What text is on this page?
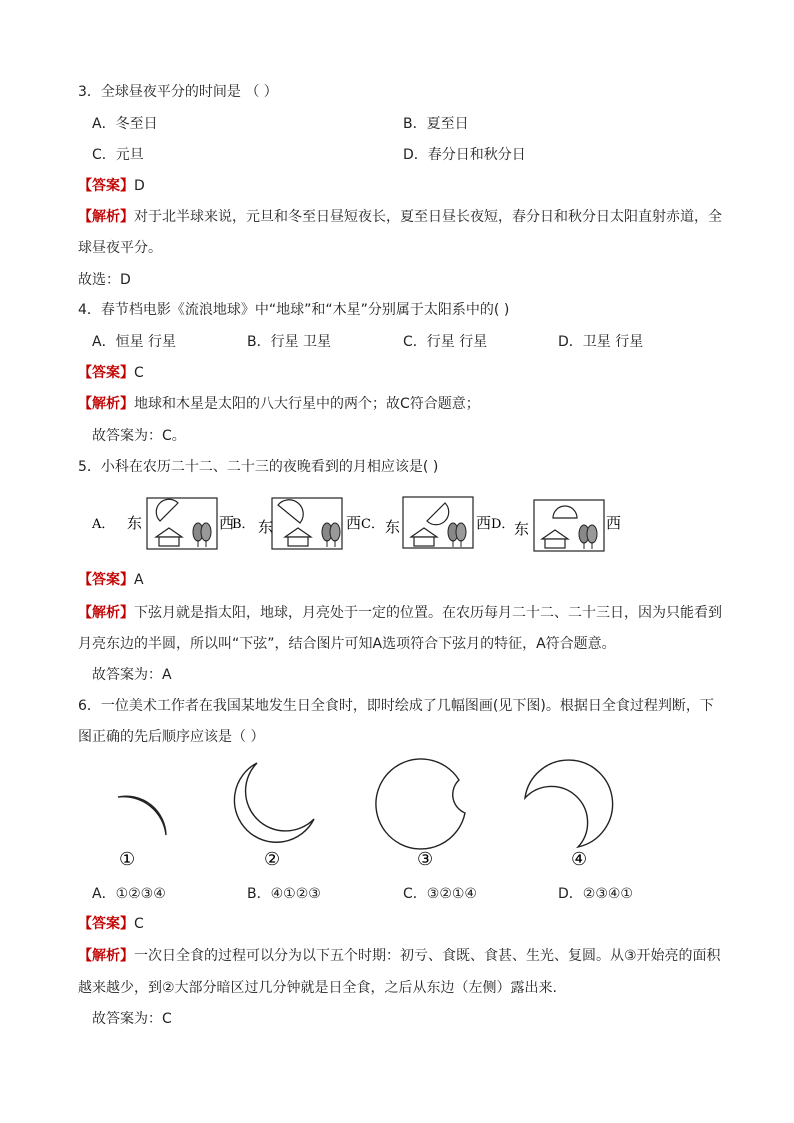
3．全球昼夜平分的时间是 （ ）
A．冬至日	B．夏至日
C．元旦	D．春分日和秋分日
【答案】D
【解析】对于北半球来说，元旦和冬至日昼短夜长，夏至日昼长夜短，春分日和秋分日太阳直射赤道，全
球昼夜平分。
故选：D
4．春节档电影《流浪地球》中“地球”和“木星”分别属于太阳系中的( )
A．恒星 行星	B．行星 卫星	C．行星 行星	D．卫星 行星
【答案】C
【解析】地球和木星是太阳的八大行星中的两个；故C符合题意；
故答案为：C。
5．小科在农历二十二、二十三的夜晚看到的月相应该是( )
A． 东	西
B． 东	西 C． 东	西 D． 东	西
【答案】A
【解析】下弦月就是指太阳，地球，月亮处于一定的位置。在农历每月二十二、二十三日，因为只能看到
月亮东边的半圆，所以叫“下弦”，结合图片可知A选项符合下弦月的特征，A符合题意。
故答案为：A
6．一位美术工作者在我国某地发生日全食时，即时绘成了几幅图画(见下图)。根据日全食过程判断，下
图正确的先后顺序应该是（ ）
①	②	③	④
A．①②③④	B．④①②③	C．③②①④	D．②③④①
【答案】C
【解析】一次日全食的过程可以分为以下五个时期：初亏、食既、食甚、生光、复圆。从③开始亮的面积
越来越少，到②大部分暗区过几分钟就是日全食，之后从东边（左侧）露出来.
故答案为：C
